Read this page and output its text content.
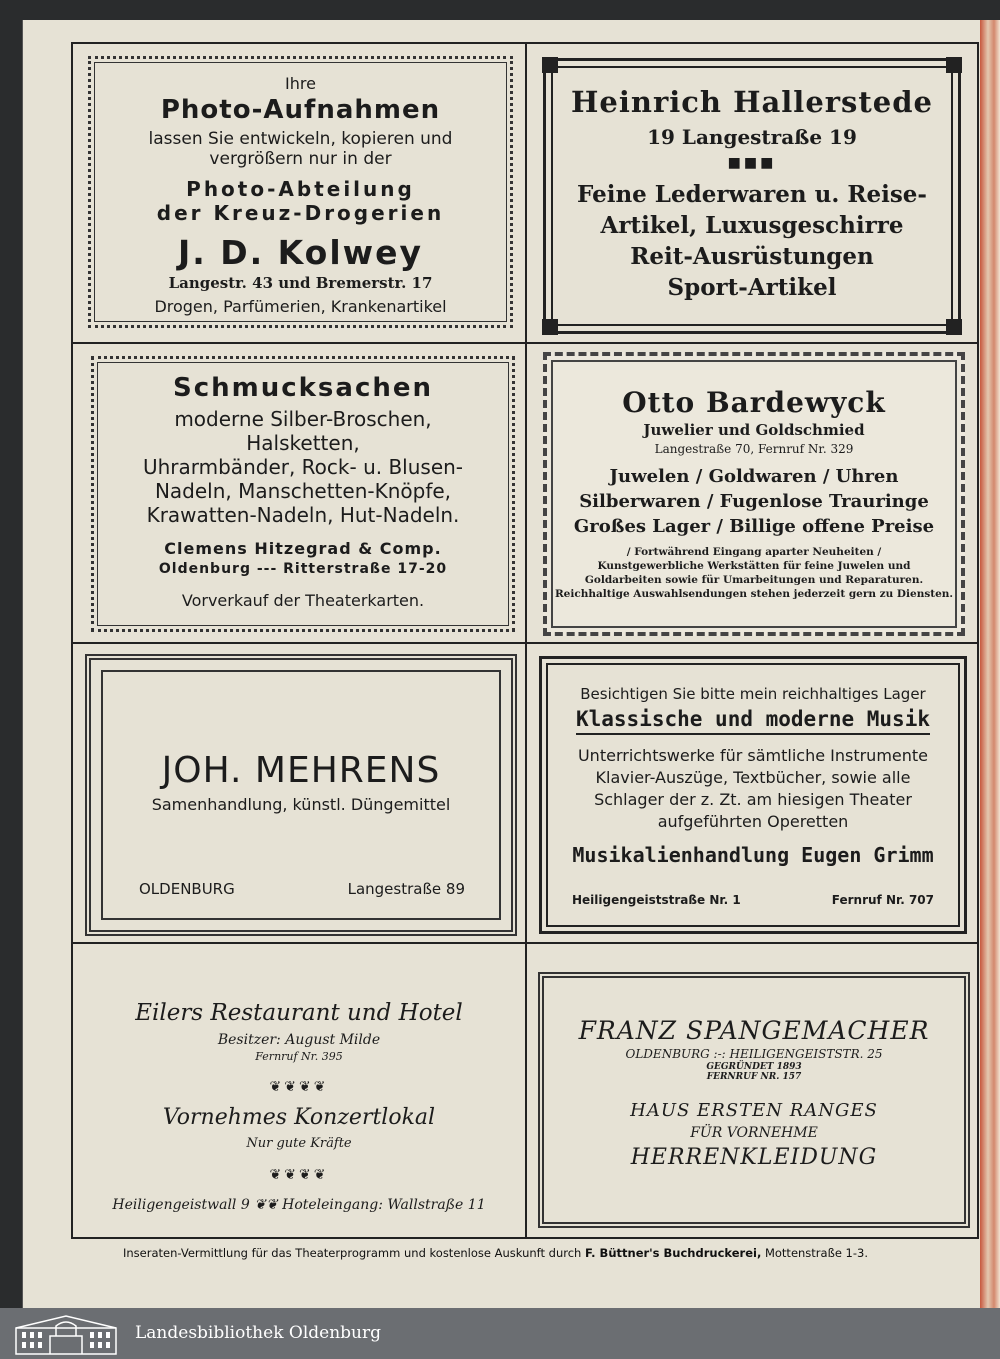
Ihre
Photo-Aufnahmen
lassen Sie entwickeln, kopieren und
vergrößern nur in der
Photo-Abteilung
der Kreuz-Drogerien
J. D. Kolwey
Langestr. 43 und Bremerstr. 17
Drogen, Parfümerien, Krankenartikel
Heinrich Hallerstede
19 Langestraße 19
■■■
Feine Lederwaren u. Reise-
Artikel, Luxusgeschirre
Reit-Ausrüstungen
Sport-Artikel
Schmucksachen
moderne Silber-Broschen,
Halsketten,
Uhrarmbänder, Rock- u. Blusen-
Nadeln, Manschetten-Knöpfe,
Krawatten-Nadeln, Hut-Nadeln.
Clemens Hitzegrad & Comp.
Oldenburg --- Ritterstraße 17-20
Vorverkauf der Theaterkarten.
Otto Bardewyck
Juwelier und Goldschmied
Langestraße 70, Fernruf Nr. 329
Juwelen / Goldwaren / Uhren
Silberwaren / Fugenlose Trauringe
Großes Lager / Billige offene Preise
/ Fortwährend Eingang aparter Neuheiten /
Kunstgewerbliche Werkstätten für feine Juwelen und
Goldarbeiten sowie für Umarbeitungen und Reparaturen.
Reichhaltige Auswahlsendungen stehen jederzeit gern zu Diensten.
JOH. MEHRENS
Samenhandlung, künstl. Düngemittel
OLDENBURG	Langestraße 89
Besichtigen Sie bitte mein reichhaltiges Lager
Klassische und moderne Musik
Unterrichtswerke für sämtliche Instrumente
Klavier-Auszüge, Textbücher, sowie alle
Schlager der z. Zt. am hiesigen Theater
aufgeführten Operetten
Musikalienhandlung Eugen Grimm
Heiligengeiststraße Nr. 1	Fernruf Nr. 707
Eilers Restaurant und Hotel
Besitzer: August Milde
Fernruf Nr. 395
❦❦❦❦
Vornehmes Konzertlokal
Nur gute Kräfte
❦❦❦❦
Heiligengeistwall 9 ❦❦ Hoteleingang: Wallstraße 11
FRANZ SPANGEMACHER
OLDENBURG :-: HEILIGENGEISTSTR. 25
GEGRÜNDET 1893
FERNRUF NR. 157
HAUS ERSTEN RANGES
FÜR VORNEHME
HERRENKLEIDUNG
Inseraten-Vermittlung für das Theaterprogramm und kostenlose Auskunft durch F. Büttner's Buchdruckerei, Mottenstraße 1-3.
Landesbibliothek Oldenburg
